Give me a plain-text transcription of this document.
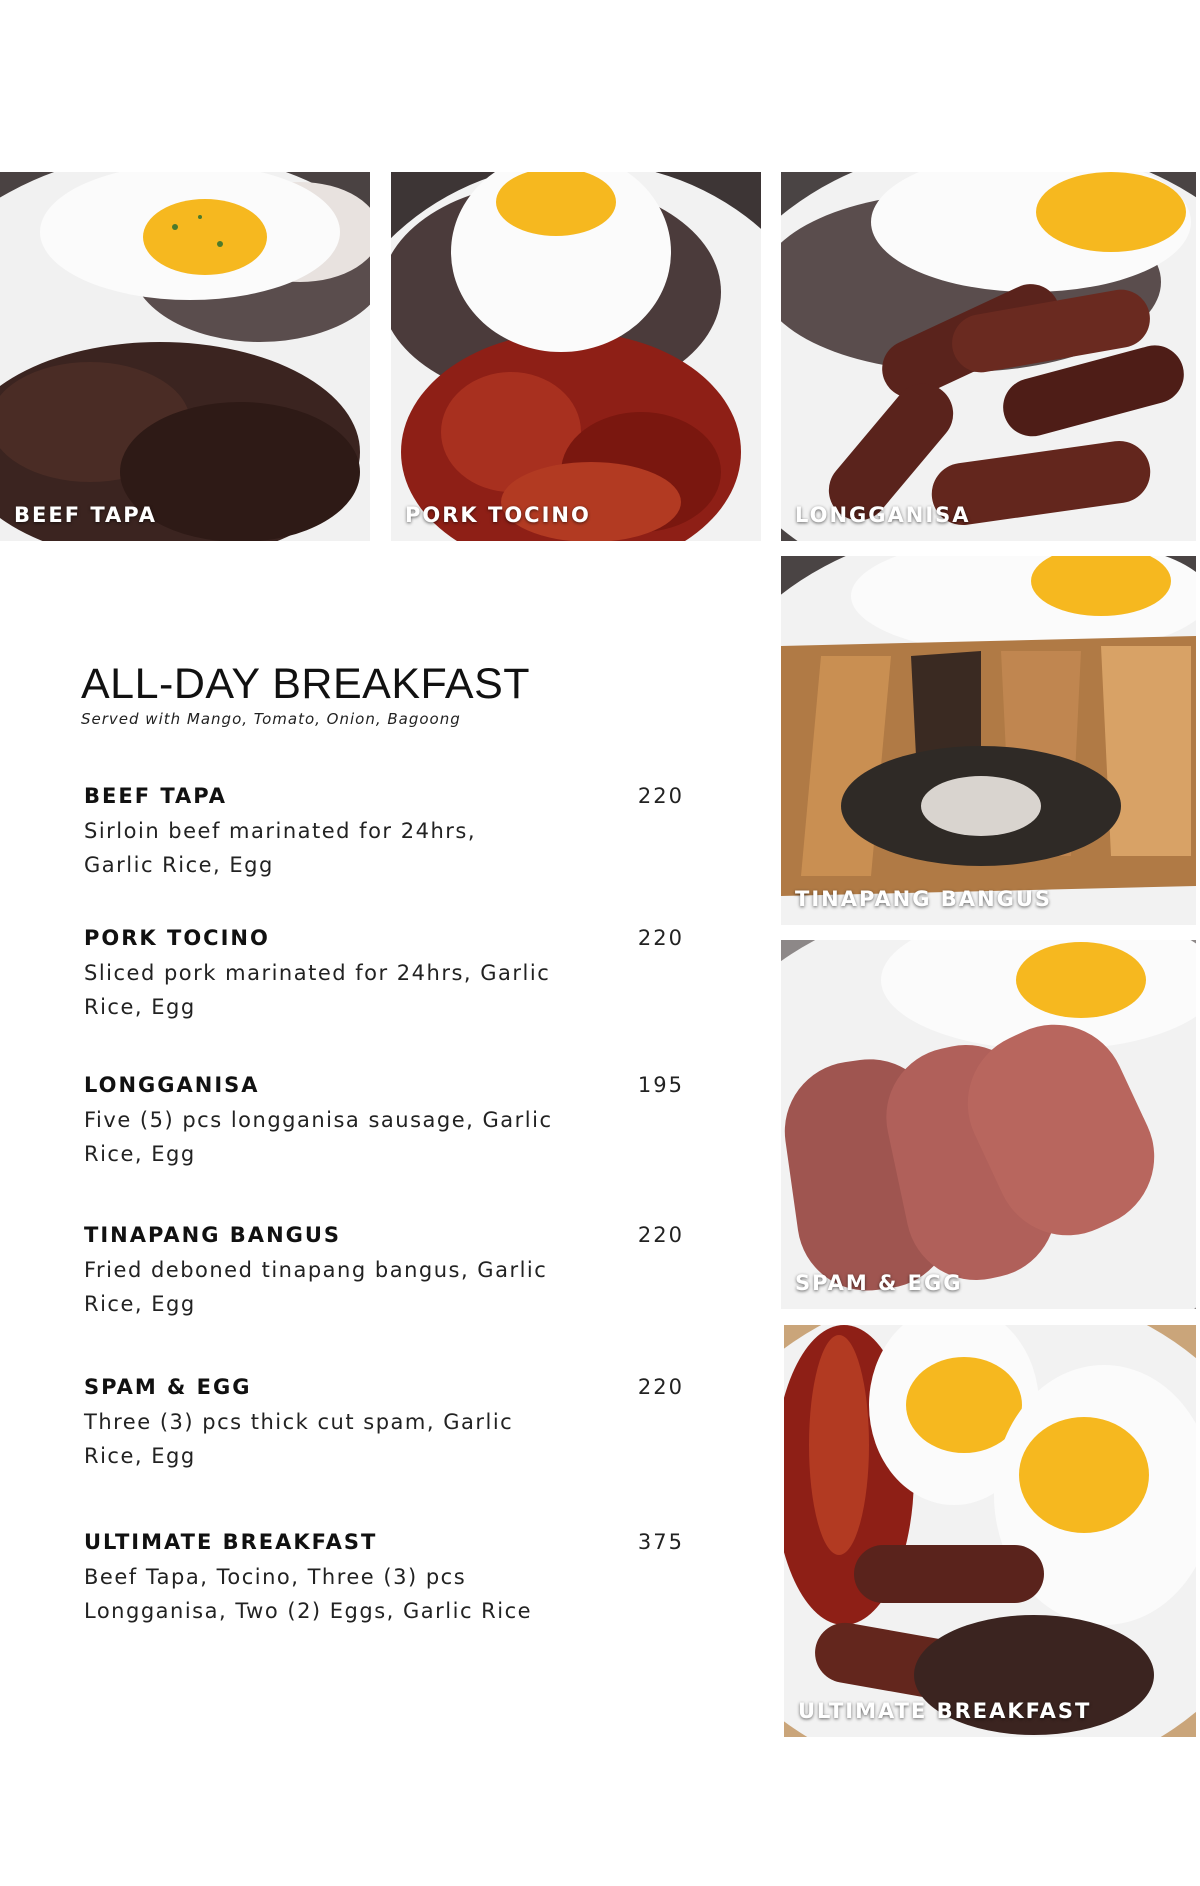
BEEF TAPA	PORK TOCINO	LONGGANISA
TINAPANG BANGUS
SPAM & EGG
ULTIMATE BREAKFAST
ALL-DAY BREAKFAST
Served with Mango, Tomato, Onion, Bagoong
BEEF TAPA
Sirloin beef marinated for 24hrs, Garlic Rice, Egg
220
PORK TOCINO
Sliced pork marinated for 24hrs, Garlic Rice, Egg
220
LONGGANISA
Five (5) pcs longganisa sausage, Garlic Rice, Egg
195
TINAPANG BANGUS
Fried deboned tinapang bangus, Garlic Rice, Egg
220
SPAM & EGG
Three (3) pcs thick cut spam, Garlic Rice, Egg
220
ULTIMATE BREAKFAST
Beef Tapa, Tocino, Three (3) pcs Longganisa, Two (2) Eggs, Garlic Rice
375
